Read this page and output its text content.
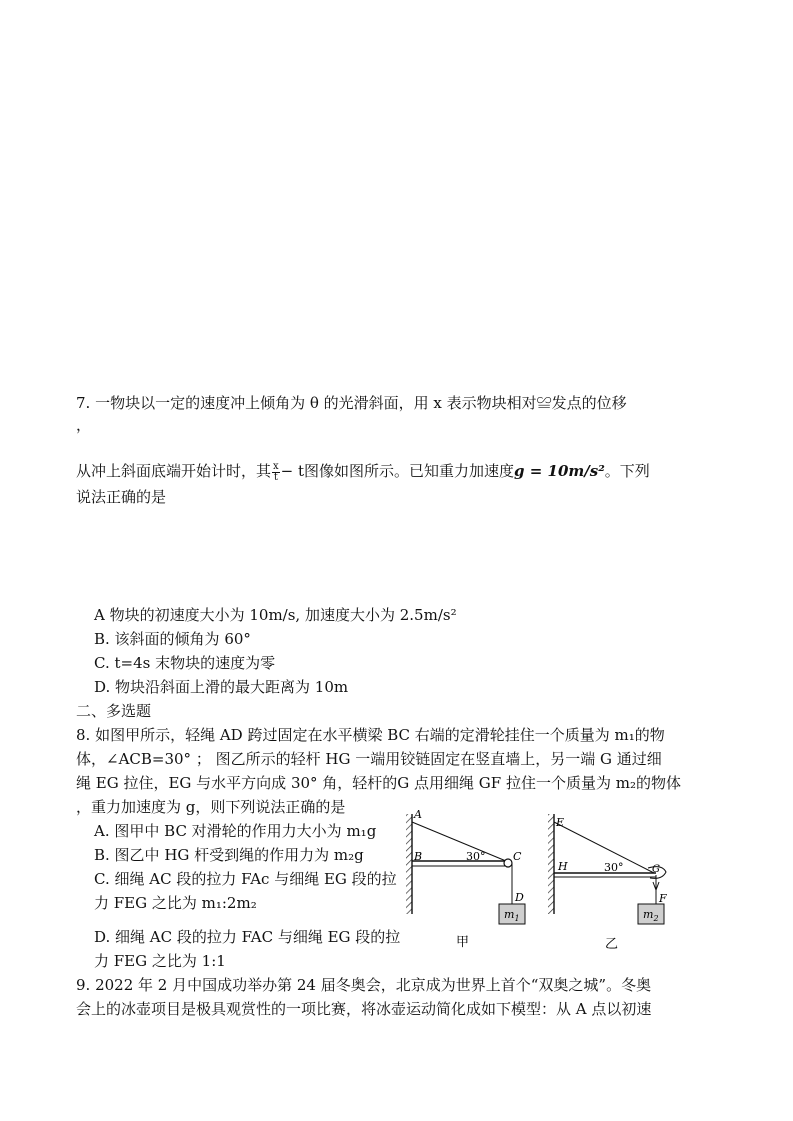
7. 一物块以一定的速度冲上倾角为 θ 的光滑斜面，用 x 表示物块相对≌发点的位移
，
从冲上斜面底端开始计时，其 $\frac{x}{t} - t$图像如图所示。已知重力加速度g = 10m/s²。下列
说法正确的是
A 物块的初速度大小为 10m/s, 加速度大小为 2.5m/s²
B. 该斜面的倾角为 60°
C. t=4s 末物块的速度为零
D. 物块沿斜面上滑的最大距离为 10m
二、多选题
8. 如图甲所示，轻绳 AD 跨过固定在水平横梁 BC 右端的定滑轮挂住一个质量为 m₁的物
体，∠ACB=30° ； 图乙所示的轻杆 HG 一端用铰链固定在竖直墙上，另一端 G 通过细
绳 EG 拉住，EG 与水平方向成 30° 角，轻杆的G 点用细绳 GF 拉住一个质量为 m₂的物体
，重力加速度为 g，则下列说法正确的是
A. 图甲中 BC 对滑轮的作用力大小为 m₁g
B. 图乙中 HG 杆受到绳的作用力为 m₂g
C. 细绳 AC 段的拉力 FAc 与细绳 EG 段的拉
力 FEG 之比为 m₁:2m₂
D. 细绳 AC 段的拉力 FAC 与细绳 EG 段的拉
力 FEG 之比为 1:1
A
B	C
D
30°
$m_1$
甲
E
H	G
F
30°
$m_2$
乙
9. 2022 年 2 月中国成功举办第 24 届冬奥会，北京成为世界上首个“双奥之城”。冬奥
会上的冰壶项目是极具观赏性的一项比赛，将冰壶运动简化成如下模型：从 A 点以初速
